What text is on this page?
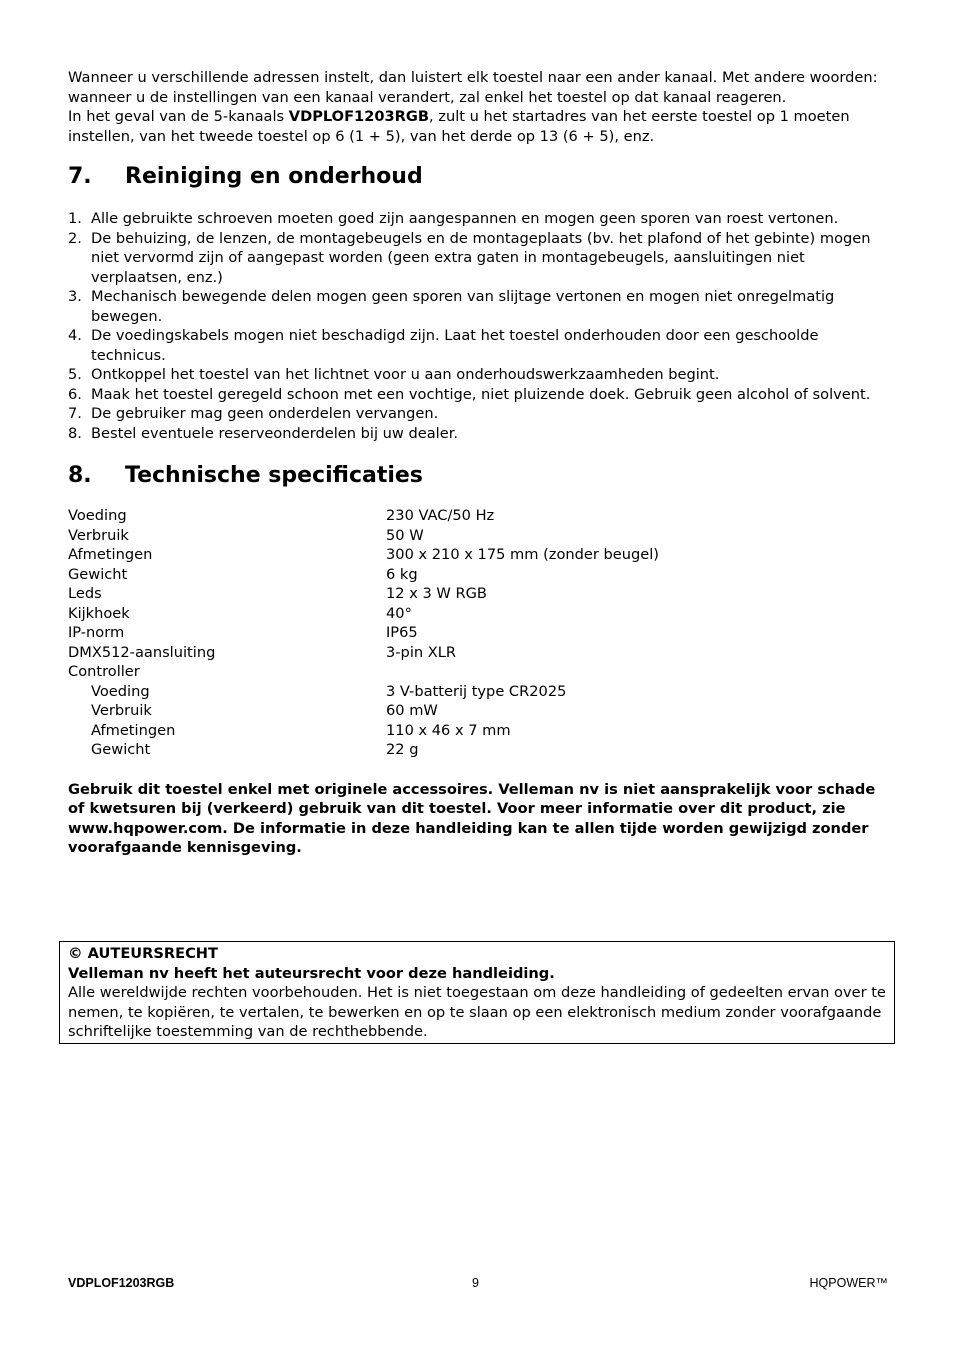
Wanneer u verschillende adressen instelt, dan luistert elk toestel naar een ander kanaal. Met andere woorden: wanneer u de instellingen van een kanaal verandert, zal enkel het toestel op dat kanaal reageren.

In het geval van de 5-kanaals VDPLOF1203RGB, zult u het startadres van het eerste toestel op 1 moeten instellen, van het tweede toestel op 6 (1 + 5), van het derde op 13 (6 + 5), enz.

7.	Reiniging en onderhoud
1. Alle gebruikte schroeven moeten goed zijn aangespannen en mogen geen sporen van roest vertonen.
2. De behuizing, de lenzen, de montagebeugels en de montageplaats (bv. het plafond of het gebinte) mogen niet vervormd zijn of aangepast worden (geen extra gaten in montagebeugels, aansluitingen niet verplaatsen, enz.)
3. Mechanisch bewegende delen mogen geen sporen van slijtage vertonen en mogen niet onregelmatig bewegen.
4. De voedingskabels mogen niet beschadigd zijn. Laat het toestel onderhouden door een geschoolde technicus.
5. Ontkoppel het toestel van het lichtnet voor u aan onderhoudswerkzaamheden begint.
6. Maak het toestel geregeld schoon met een vochtige, niet pluizende doek. Gebruik geen alcohol of solvent.
7. De gebruiker mag geen onderdelen vervangen.
8. Bestel eventuele reserveonderdelen bij uw dealer.
8.	Technische specificaties
Voeding	230 VAC/50 Hz
Verbruik	50 W
Afmetingen	300 x 210 x 175 mm (zonder beugel)
Gewicht	6 kg
Leds	12 x 3 W RGB
Kijkhoek	40°
IP-norm	IP65
DMX512-aansluiting	3-pin XLR
Controller
Voeding	3 V-batterij type CR2025
Verbruik	60 mW
Afmetingen	110 x 46 x 7 mm
Gewicht	22 g

Gebruik dit toestel enkel met originele accessoires. Velleman nv is niet aansprakelijk voor schade of kwetsuren bij (verkeerd) gebruik van dit toestel. Voor meer informatie over dit product, zie www.hqpower.com. De informatie in deze handleiding kan te allen tijde worden gewijzigd zonder voorafgaande kennisgeving.

© AUTEURSRECHT

Velleman nv heeft het auteursrecht voor deze handleiding.

Alle wereldwijde rechten voorbehouden. Het is niet toegestaan om deze handleiding of gedeelten ervan over te nemen, te kopiëren, te vertalen, te bewerken en op te slaan op een elektronisch medium zonder voorafgaande schriftelijke toestemming van de rechthebbende.

VDPLOF1203RGB	9	HQPOWER™
